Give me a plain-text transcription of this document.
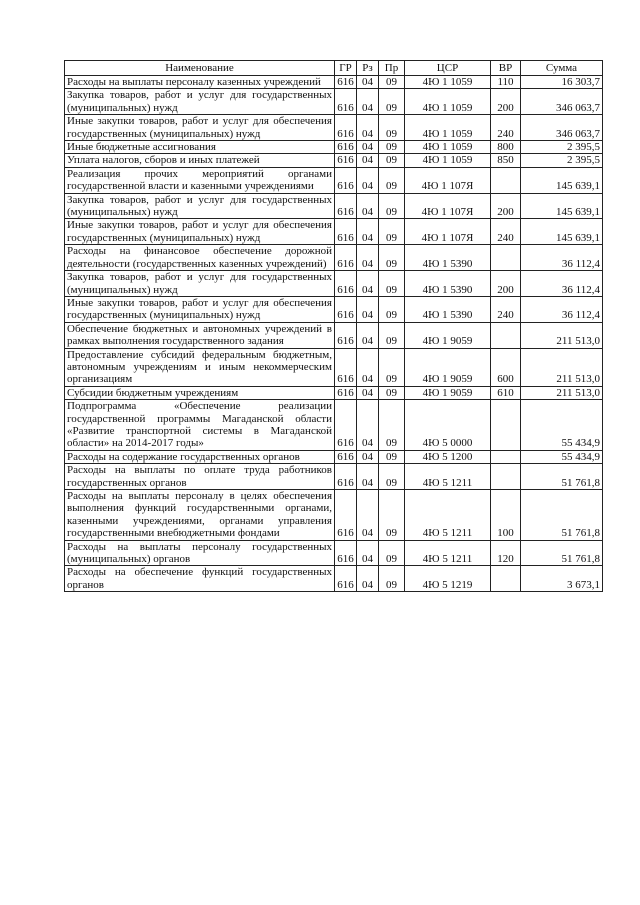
Наименование	ГР	Рз	Пр	ЦСР	ВР	Сумма
Расходы на выплаты персоналу казенных учреждений	616	04	09	4Ю 1 1059	110	16 303,7
Закупка товаров, работ и услуг для государственных (муниципальных) нужд	616	04	09	4Ю 1 1059	200	346 063,7
Иные закупки товаров, работ и услуг для обеспечения государственных (муниципальных) нужд	616	04	09	4Ю 1 1059	240	346 063,7
Иные бюджетные ассигнования	616	04	09	4Ю 1 1059	800	2 395,5
Уплата налогов, сборов и иных платежей	616	04	09	4Ю 1 1059	850	2 395,5
Реализация прочих мероприятий органами государственной власти и казенными учреждениями	616	04	09	4Ю 1 107Я		145 639,1
Закупка товаров, работ и услуг для государственных (муниципальных) нужд	616	04	09	4Ю 1 107Я	200	145 639,1
Иные закупки товаров, работ и услуг для обеспечения государственных (муниципальных) нужд	616	04	09	4Ю 1 107Я	240	145 639,1
Расходы на финансовое обеспечение дорожной деятельности (государственных казенных учреждений)	616	04	09	4Ю 1 5390		36 112,4
Закупка товаров, работ и услуг для государственных (муниципальных) нужд	616	04	09	4Ю 1 5390	200	36 112,4
Иные закупки товаров, работ и услуг для обеспечения государственных (муниципальных) нужд	616	04	09	4Ю 1 5390	240	36 112,4
Обеспечение бюджетных и автономных учреждений в рамках выполнения государственного задания	616	04	09	4Ю 1 9059		211 513,0
Предоставление субсидий федеральным бюджетным, автономным учреждениям и иным некоммерческим организациям	616	04	09	4Ю 1 9059	600	211 513,0
Субсидии бюджетным учреждениям	616	04	09	4Ю 1 9059	610	211 513,0
Подпрограмма «Обеспечение реализации государственной программы Магаданской области «Развитие транспортной системы в Магаданской области» на 2014-2017 годы»	616	04	09	4Ю 5 0000		55 434,9
Расходы на содержание государственных органов	616	04	09	4Ю 5 1200		55 434,9
Расходы на выплаты по оплате труда работников государственных органов	616	04	09	4Ю 5 1211		51 761,8
Расходы на выплаты персоналу в целях обеспечения выполнения функций государственными органами, казенными учреждениями, органами управления государственными внебюджетными фондами	616	04	09	4Ю 5 1211	100	51 761,8
Расходы на выплаты персоналу государственных (муниципальных) органов	616	04	09	4Ю 5 1211	120	51 761,8
Расходы на обеспечение функций государственных органов	616	04	09	4Ю 5 1219		3 673,1
